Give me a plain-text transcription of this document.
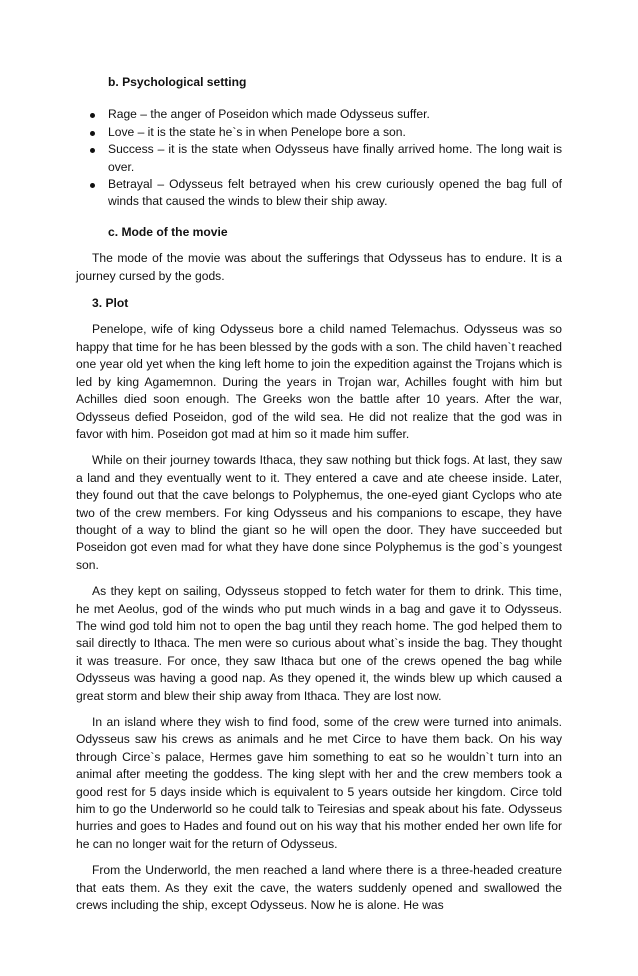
b. Psychological setting
Rage – the anger of Poseidon which made Odysseus suffer.
Love – it is the state he`s in when Penelope bore a son.
Success – it is the state when Odysseus have finally arrived home. The long wait is over.
Betrayal – Odysseus felt betrayed when his crew curiously opened the bag full of winds that caused the winds to blew their ship away.
c. Mode of the movie

The mode of the movie was about the sufferings that Odysseus has to endure. It is a journey cursed by the gods.

3. Plot

Penelope, wife of king Odysseus bore a child named Telemachus. Odysseus was so happy that time for he has been blessed by the gods with a son. The child haven`t reached one year old yet when the king left home to join the expedition against the Trojans which is led by king Agamemnon. During the years in Trojan war, Achilles fought with him but Achilles died soon enough. The Greeks won the battle after 10 years. After the war, Odysseus defied Poseidon, god of the wild sea. He did not realize that the god was in favor with him. Poseidon got mad at him so it made him suffer.

While on their journey towards Ithaca, they saw nothing but thick fogs. At last, they saw a land and they eventually went to it. They entered a cave and ate cheese inside. Later, they found out that the cave belongs to Polyphemus, the one-eyed giant Cyclops who ate two of the crew members. For king Odysseus and his companions to escape, they have thought of a way to blind the giant so he will open the door. They have succeeded but Poseidon got even mad for what they have done since Polyphemus is the god`s youngest son.

As they kept on sailing, Odysseus stopped to fetch water for them to drink. This time, he met Aeolus, god of the winds who put much winds in a bag and gave it to Odysseus. The wind god told him not to open the bag until they reach home. The god helped them to sail directly to Ithaca. The men were so curious about what`s inside the bag. They thought it was treasure. For once, they saw Ithaca but one of the crews opened the bag while Odysseus was having a good nap. As they opened it, the winds blew up which caused a great storm and blew their ship away from Ithaca. They are lost now.

In an island where they wish to find food, some of the crew were turned into animals. Odysseus saw his crews as animals and he met Circe to have them back. On his way through Circe`s palace, Hermes gave him something to eat so he wouldn`t turn into an animal after meeting the goddess. The king slept with her and the crew members took a good rest for 5 days inside which is equivalent to 5 years outside her kingdom. Circe told him to go the Underworld so he could talk to Teiresias and speak about his fate. Odysseus hurries and goes to Hades and found out on his way that his mother ended her own life for he can no longer wait for the return of Odysseus.

From the Underworld, the men reached a land where there is a three-headed creature that eats them. As they exit the cave, the waters suddenly opened and swallowed the crews including the ship, except Odysseus. Now he is alone. He was
